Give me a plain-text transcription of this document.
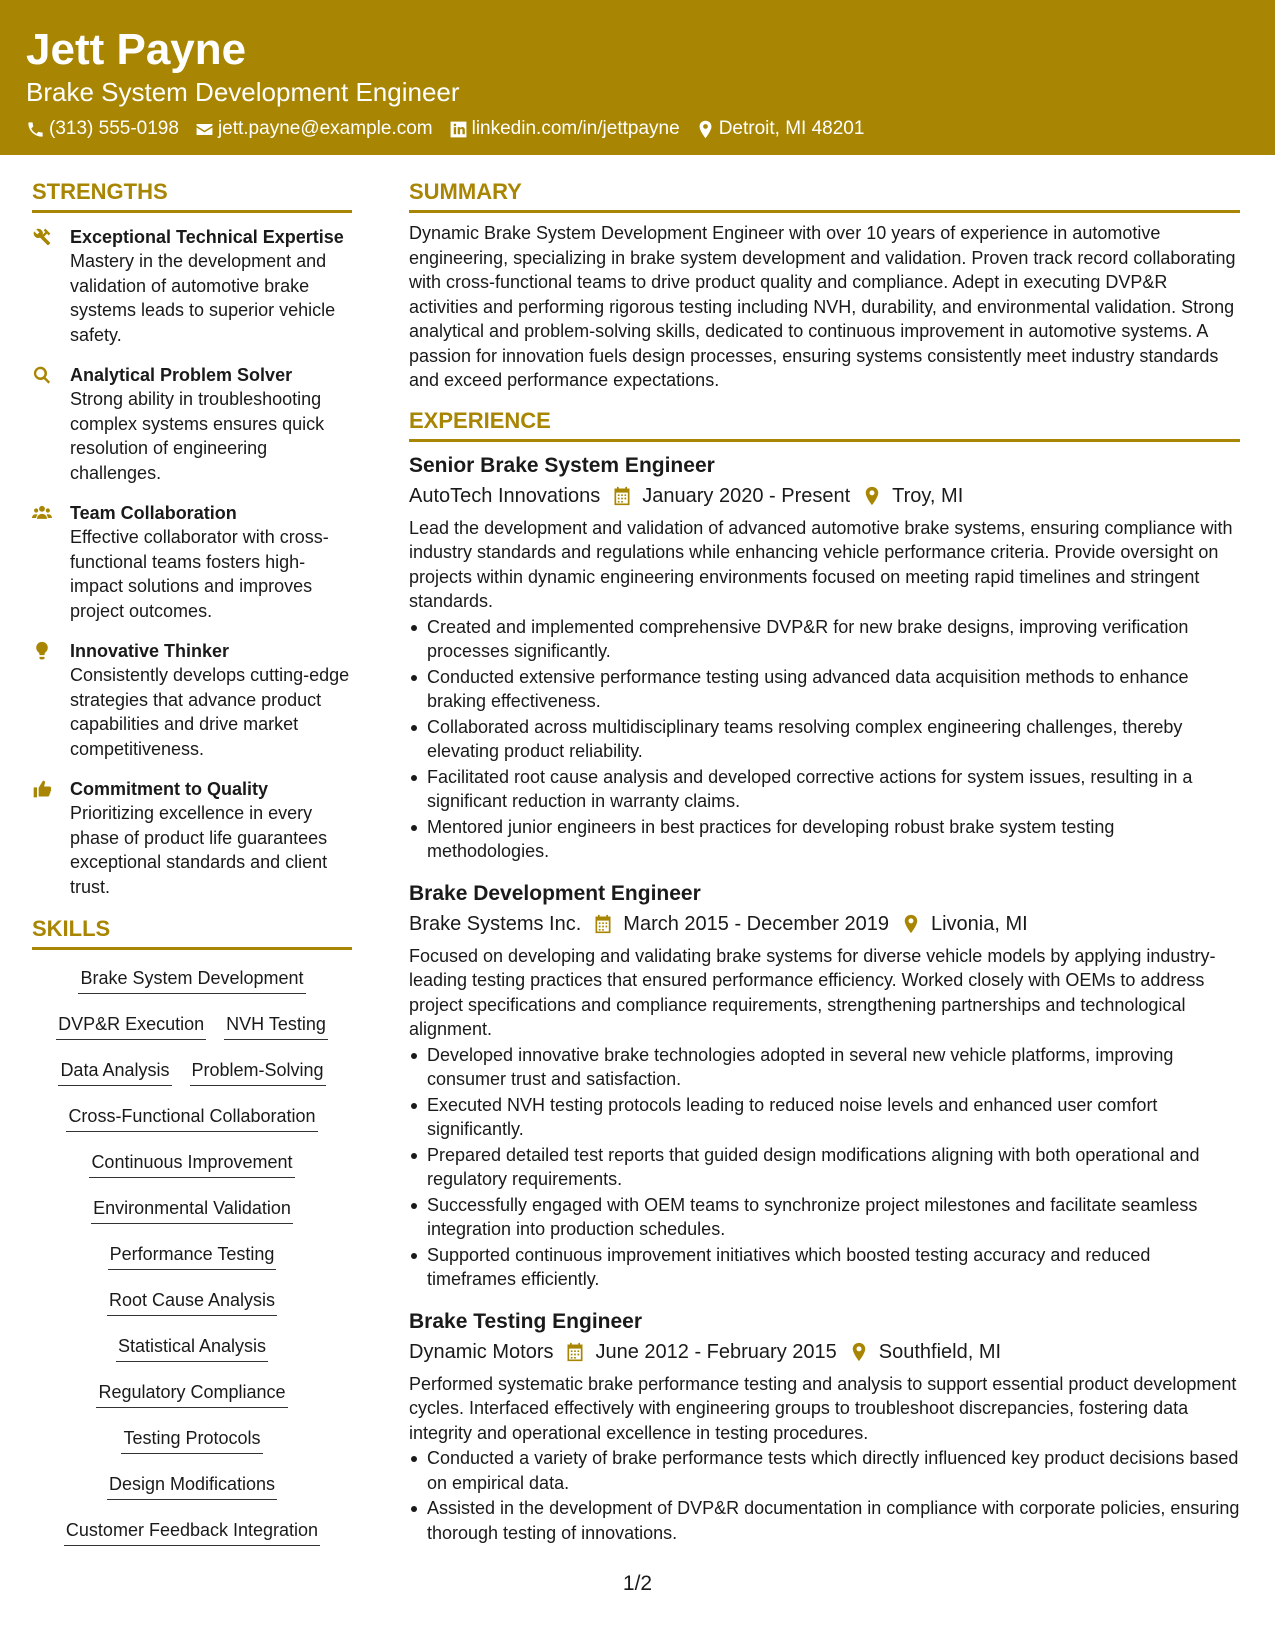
Jett Payne
Brake System Development Engineer
(313) 555-0198 jett.payne@example.com linkedin.com/in/jettpayne Detroit, MI 48201
STRENGTHS
Exceptional Technical Expertise
Mastery in the development and validation of automotive brake systems leads to superior vehicle safety.
Analytical Problem Solver
Strong ability in troubleshooting complex systems ensures quick resolution of engineering challenges.
Team Collaboration
Effective collaborator with cross-functional teams fosters high-impact solutions and improves project outcomes.
Innovative Thinker
Consistently develops cutting-edge strategies that advance product capabilities and drive market competitiveness.
Commitment to Quality
Prioritizing excellence in every phase of product life guarantees exceptional standards and client trust.
SKILLS
Brake System Development
DVP&R Execution NVH Testing
Data Analysis Problem-Solving
Cross-Functional Collaboration
Continuous Improvement
Environmental Validation
Performance Testing
Root Cause Analysis
Statistical Analysis
Regulatory Compliance
Testing Protocols
Design Modifications
Customer Feedback Integration
SUMMARY
Dynamic Brake System Development Engineer with over 10 years of experience in automotive engineering, specializing in brake system development and validation. Proven track record collaborating with cross-functional teams to drive product quality and compliance. Adept in executing DVP&R activities and performing rigorous testing including NVH, durability, and environmental validation. Strong analytical and problem-solving skills, dedicated to continuous improvement in automotive systems. A passion for innovation fuels design processes, ensuring systems consistently meet industry standards and exceed performance expectations.
EXPERIENCE
Senior Brake System Engineer
AutoTech Innovations January 2020 - Present Troy, MI
Lead the development and validation of advanced automotive brake systems, ensuring compliance with industry standards and regulations while enhancing vehicle performance criteria. Provide oversight on projects within dynamic engineering environments focused on meeting rapid timelines and stringent standards.
Created and implemented comprehensive DVP&R for new brake designs, improving verification processes significantly.
Conducted extensive performance testing using advanced data acquisition methods to enhance braking effectiveness.
Collaborated across multidisciplinary teams resolving complex engineering challenges, thereby elevating product reliability.
Facilitated root cause analysis and developed corrective actions for system issues, resulting in a significant reduction in warranty claims.
Mentored junior engineers in best practices for developing robust brake system testing methodologies.
Brake Development Engineer
Brake Systems Inc. March 2015 - December 2019 Livonia, MI
Focused on developing and validating brake systems for diverse vehicle models by applying industry-leading testing practices that ensured performance efficiency. Worked closely with OEMs to address project specifications and compliance requirements, strengthening partnerships and technological alignment.
Developed innovative brake technologies adopted in several new vehicle platforms, improving consumer trust and satisfaction.
Executed NVH testing protocols leading to reduced noise levels and enhanced user comfort significantly.
Prepared detailed test reports that guided design modifications aligning with both operational and regulatory requirements.
Successfully engaged with OEM teams to synchronize project milestones and facilitate seamless integration into production schedules.
Supported continuous improvement initiatives which boosted testing accuracy and reduced timeframes efficiently.
Brake Testing Engineer
Dynamic Motors June 2012 - February 2015 Southfield, MI
Performed systematic brake performance testing and analysis to support essential product development cycles. Interfaced effectively with engineering groups to troubleshoot discrepancies, fostering data integrity and operational excellence in testing procedures.
Conducted a variety of brake performance tests which directly influenced key product decisions based on empirical data.
Assisted in the development of DVP&R documentation in compliance with corporate policies, ensuring thorough testing of innovations.
1/2
